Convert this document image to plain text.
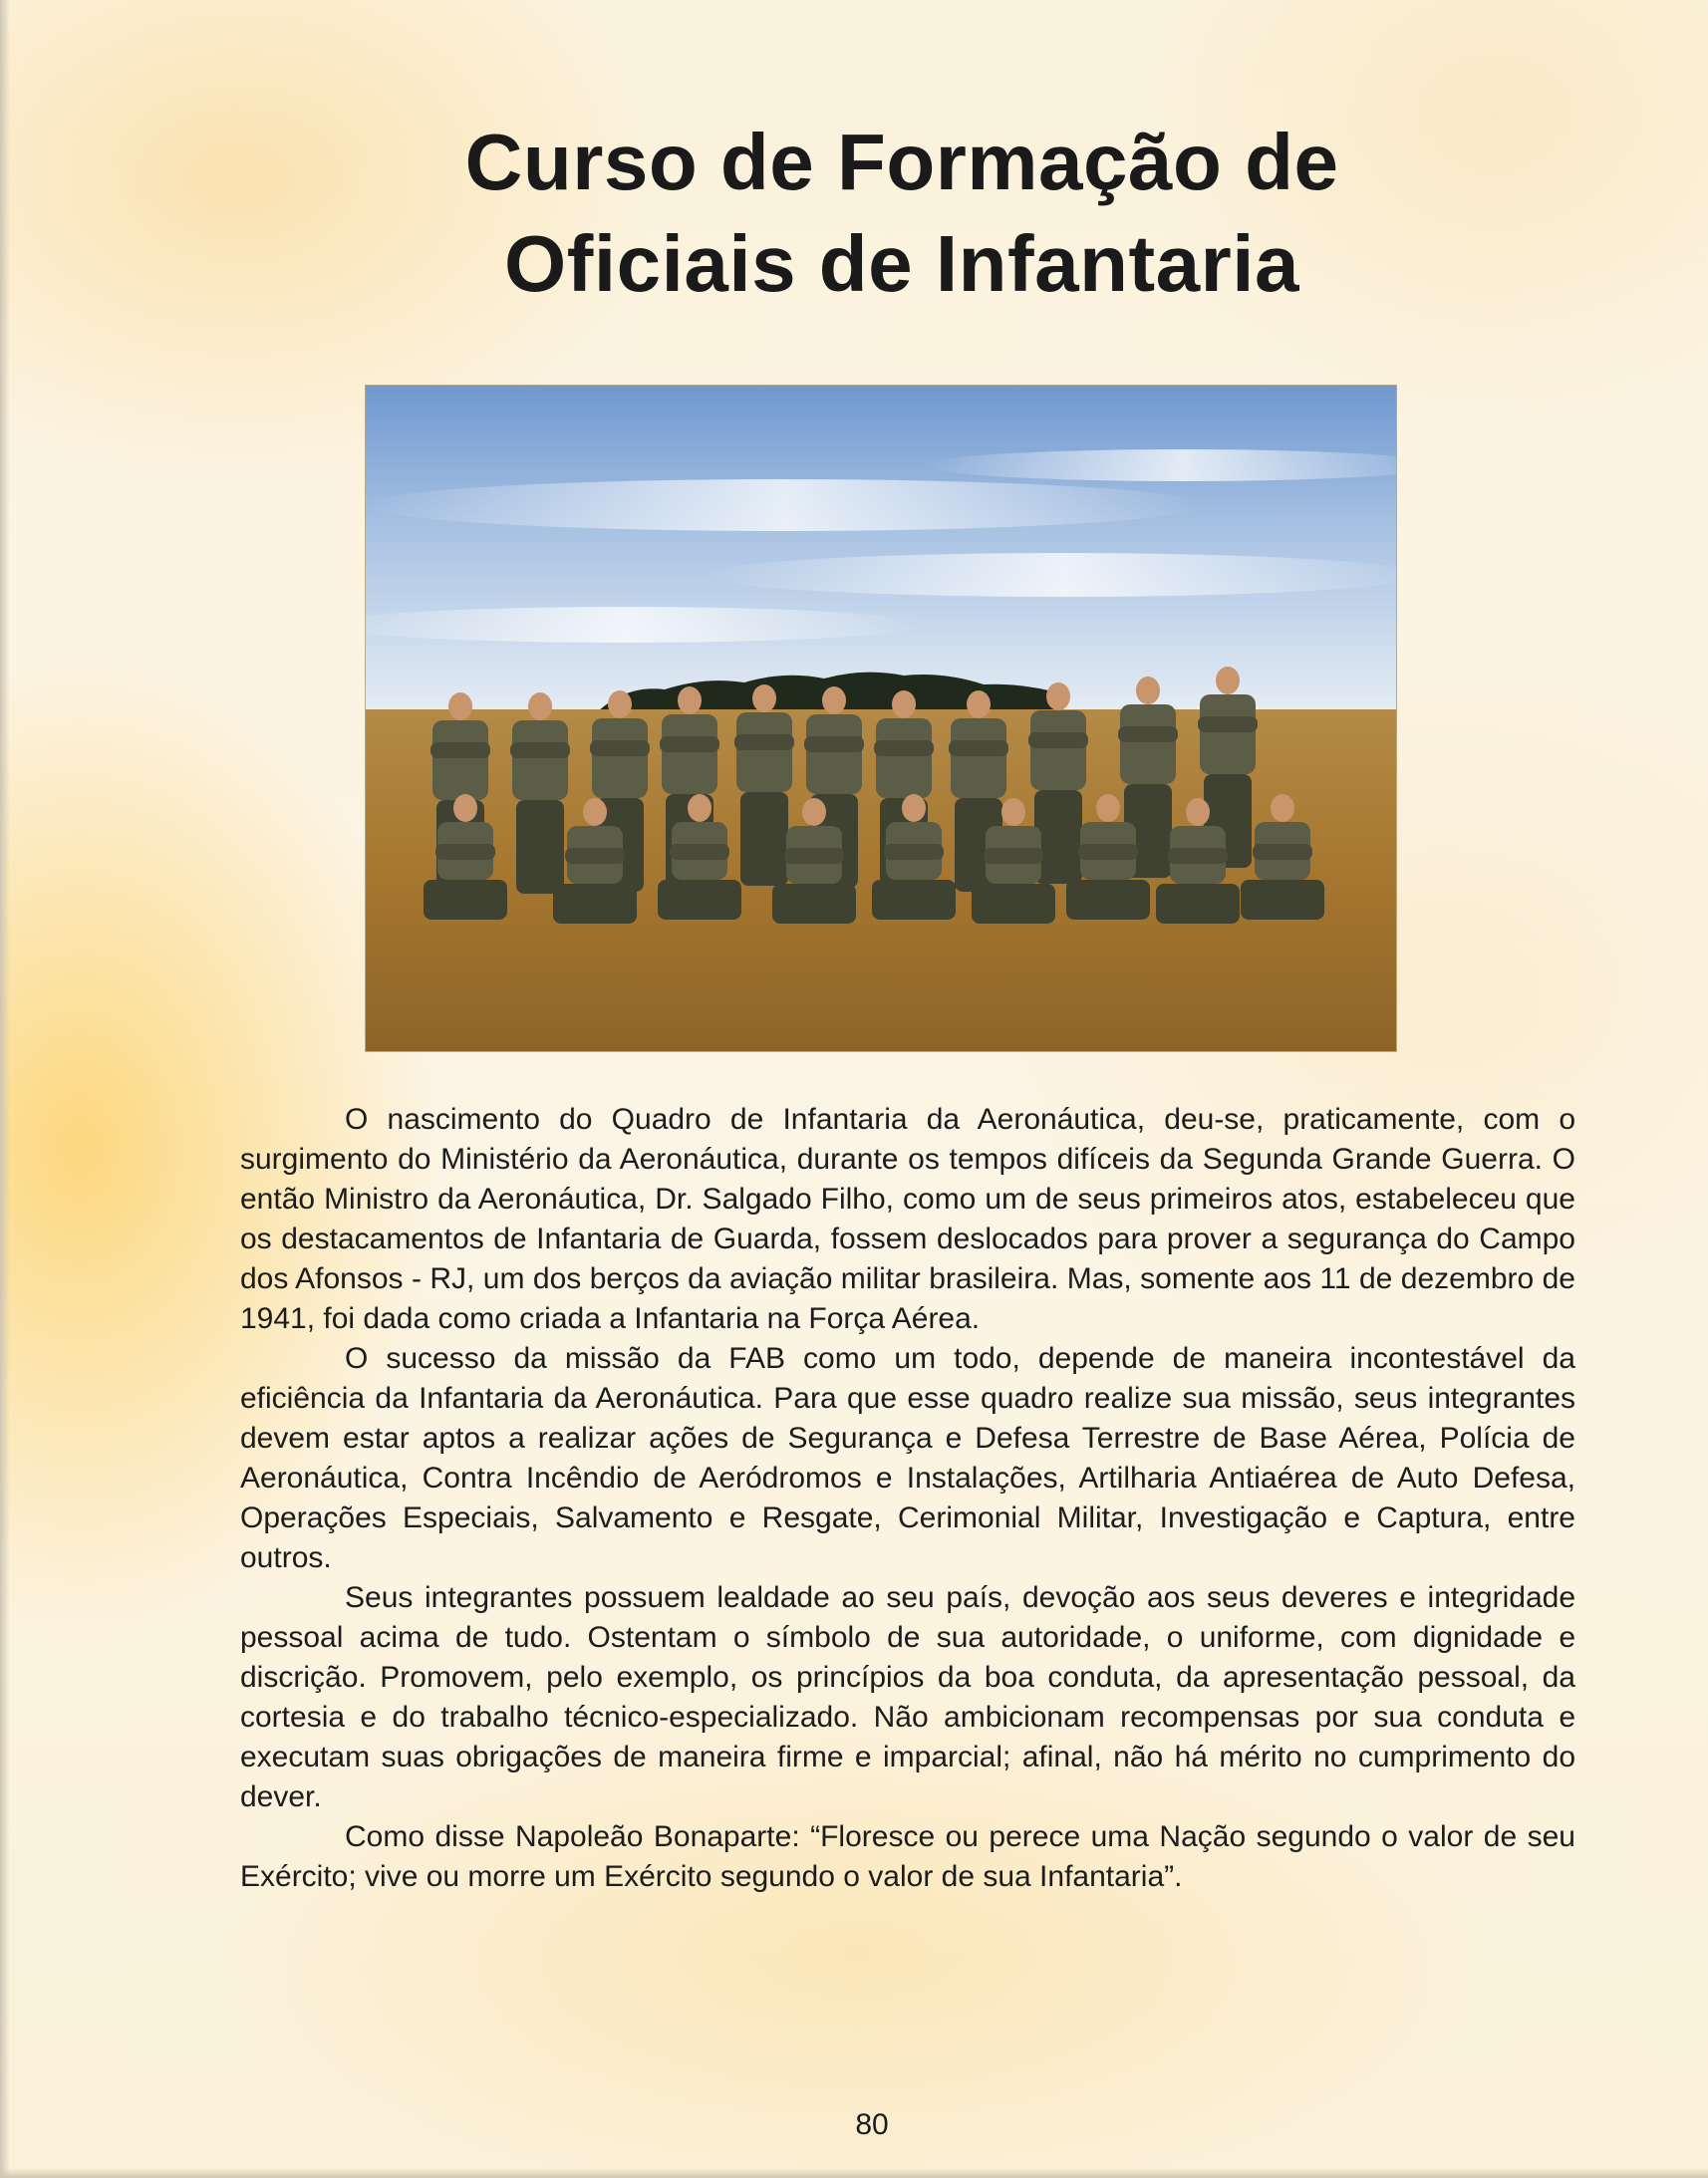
Curso de Formação de
Oficiais de Infantaria

O nascimento do Quadro de Infantaria da Aeronáutica, deu-se, praticamente, com o surgimento do Ministério da Aeronáutica, durante os tempos difíceis da Segunda Grande Guerra. O então Ministro da Aeronáutica, Dr. Salgado Filho, como um de seus primeiros atos, estabeleceu que os destacamentos de Infantaria de Guarda, fossem deslocados para prover a segurança do Campo dos Afonsos - RJ, um dos berços da aviação militar brasileira. Mas, somente aos 11 de dezembro de 1941, foi dada como criada a Infantaria na Força Aérea.

O sucesso da missão da FAB como um todo, depende de maneira incontestável da eficiência da Infantaria da Aeronáutica. Para que esse quadro realize sua missão, seus integrantes devem estar aptos a realizar ações de Segurança e Defesa Terrestre de Base Aérea, Polícia de Aeronáutica, Contra Incêndio de Aeródromos e Instalações, Artilharia Antiaérea de Auto Defesa, Operações Especiais, Salvamento e Resgate, Cerimonial Militar, Investigação e Captura, entre outros.

Seus integrantes possuem lealdade ao seu país, devoção aos seus deveres e integridade pessoal acima de tudo. Ostentam o símbolo de sua autoridade, o uniforme, com dignidade e discrição. Promovem, pelo exemplo, os princípios da boa conduta, da apresentação pessoal, da cortesia e do trabalho técnico-especializado. Não ambicionam recompensas por sua conduta e executam suas obrigações de maneira firme e imparcial; afinal, não há mérito no cumprimento do dever.

Como disse Napoleão Bonaparte: “Floresce ou perece uma Nação segundo o valor de seu Exército; vive ou morre um Exército segundo o valor de sua Infantaria”.

80
